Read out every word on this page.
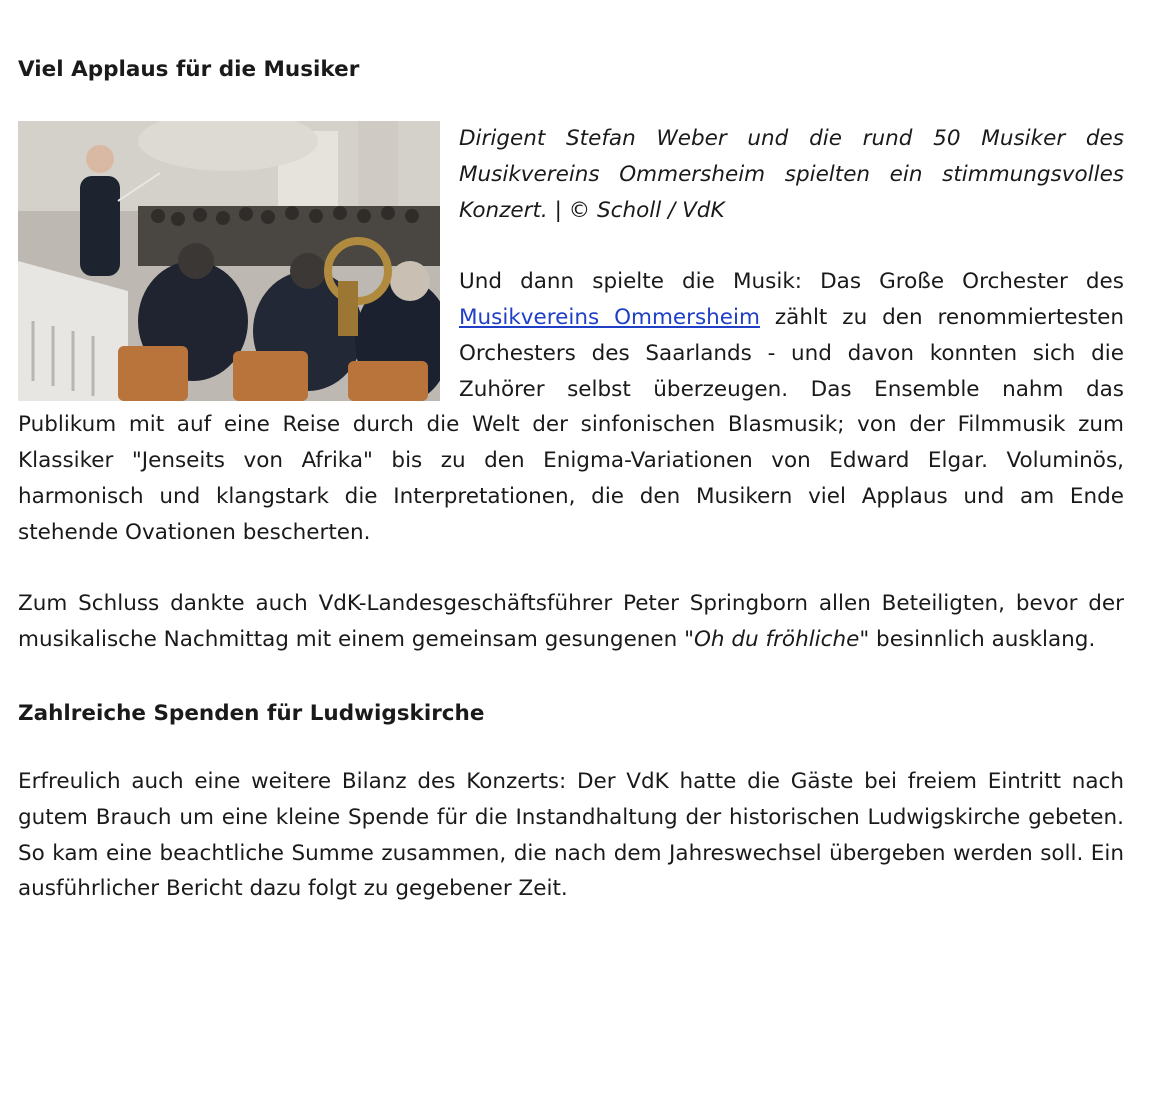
Viel Applaus für die Musiker

Dirigent Stefan Weber und die rund 50 Musiker des Musikvereins Ommersheim spielten ein stimmungsvolles Konzert. | © Scholl / VdK

Und dann spielte die Musik: Das Große Orchester des Musikvereins Ommersheim zählt zu den renommiertesten Orchesters des Saarlands - und davon konnten sich die Zuhörer selbst überzeugen. Das Ensemble nahm das Publikum mit auf eine Reise durch die Welt der sinfonischen Blasmusik; von der Filmmusik zum Klassiker "Jenseits von Afrika" bis zu den Enigma-Variationen von Edward Elgar. Voluminös, harmonisch und klangstark die Interpretationen, die den Musikern viel Applaus und am Ende stehende Ovationen bescherten.

Zum Schluss dankte auch VdK-Landesgeschäftsführer Peter Springborn allen Beteiligten, bevor der musikalische Nachmittag mit einem gemeinsam gesungenen "Oh du fröhliche" besinnlich ausklang.

Zahlreiche Spenden für Ludwigskirche

Erfreulich auch eine weitere Bilanz des Konzerts: Der VdK hatte die Gäste bei freiem Eintritt nach gutem Brauch um eine kleine Spende für die Instandhaltung der historischen Ludwigskirche gebeten. So kam eine beachtliche Summe zusammen, die nach dem Jahreswechsel übergeben werden soll. Ein ausführlicher Bericht dazu folgt zu gegebener Zeit.
